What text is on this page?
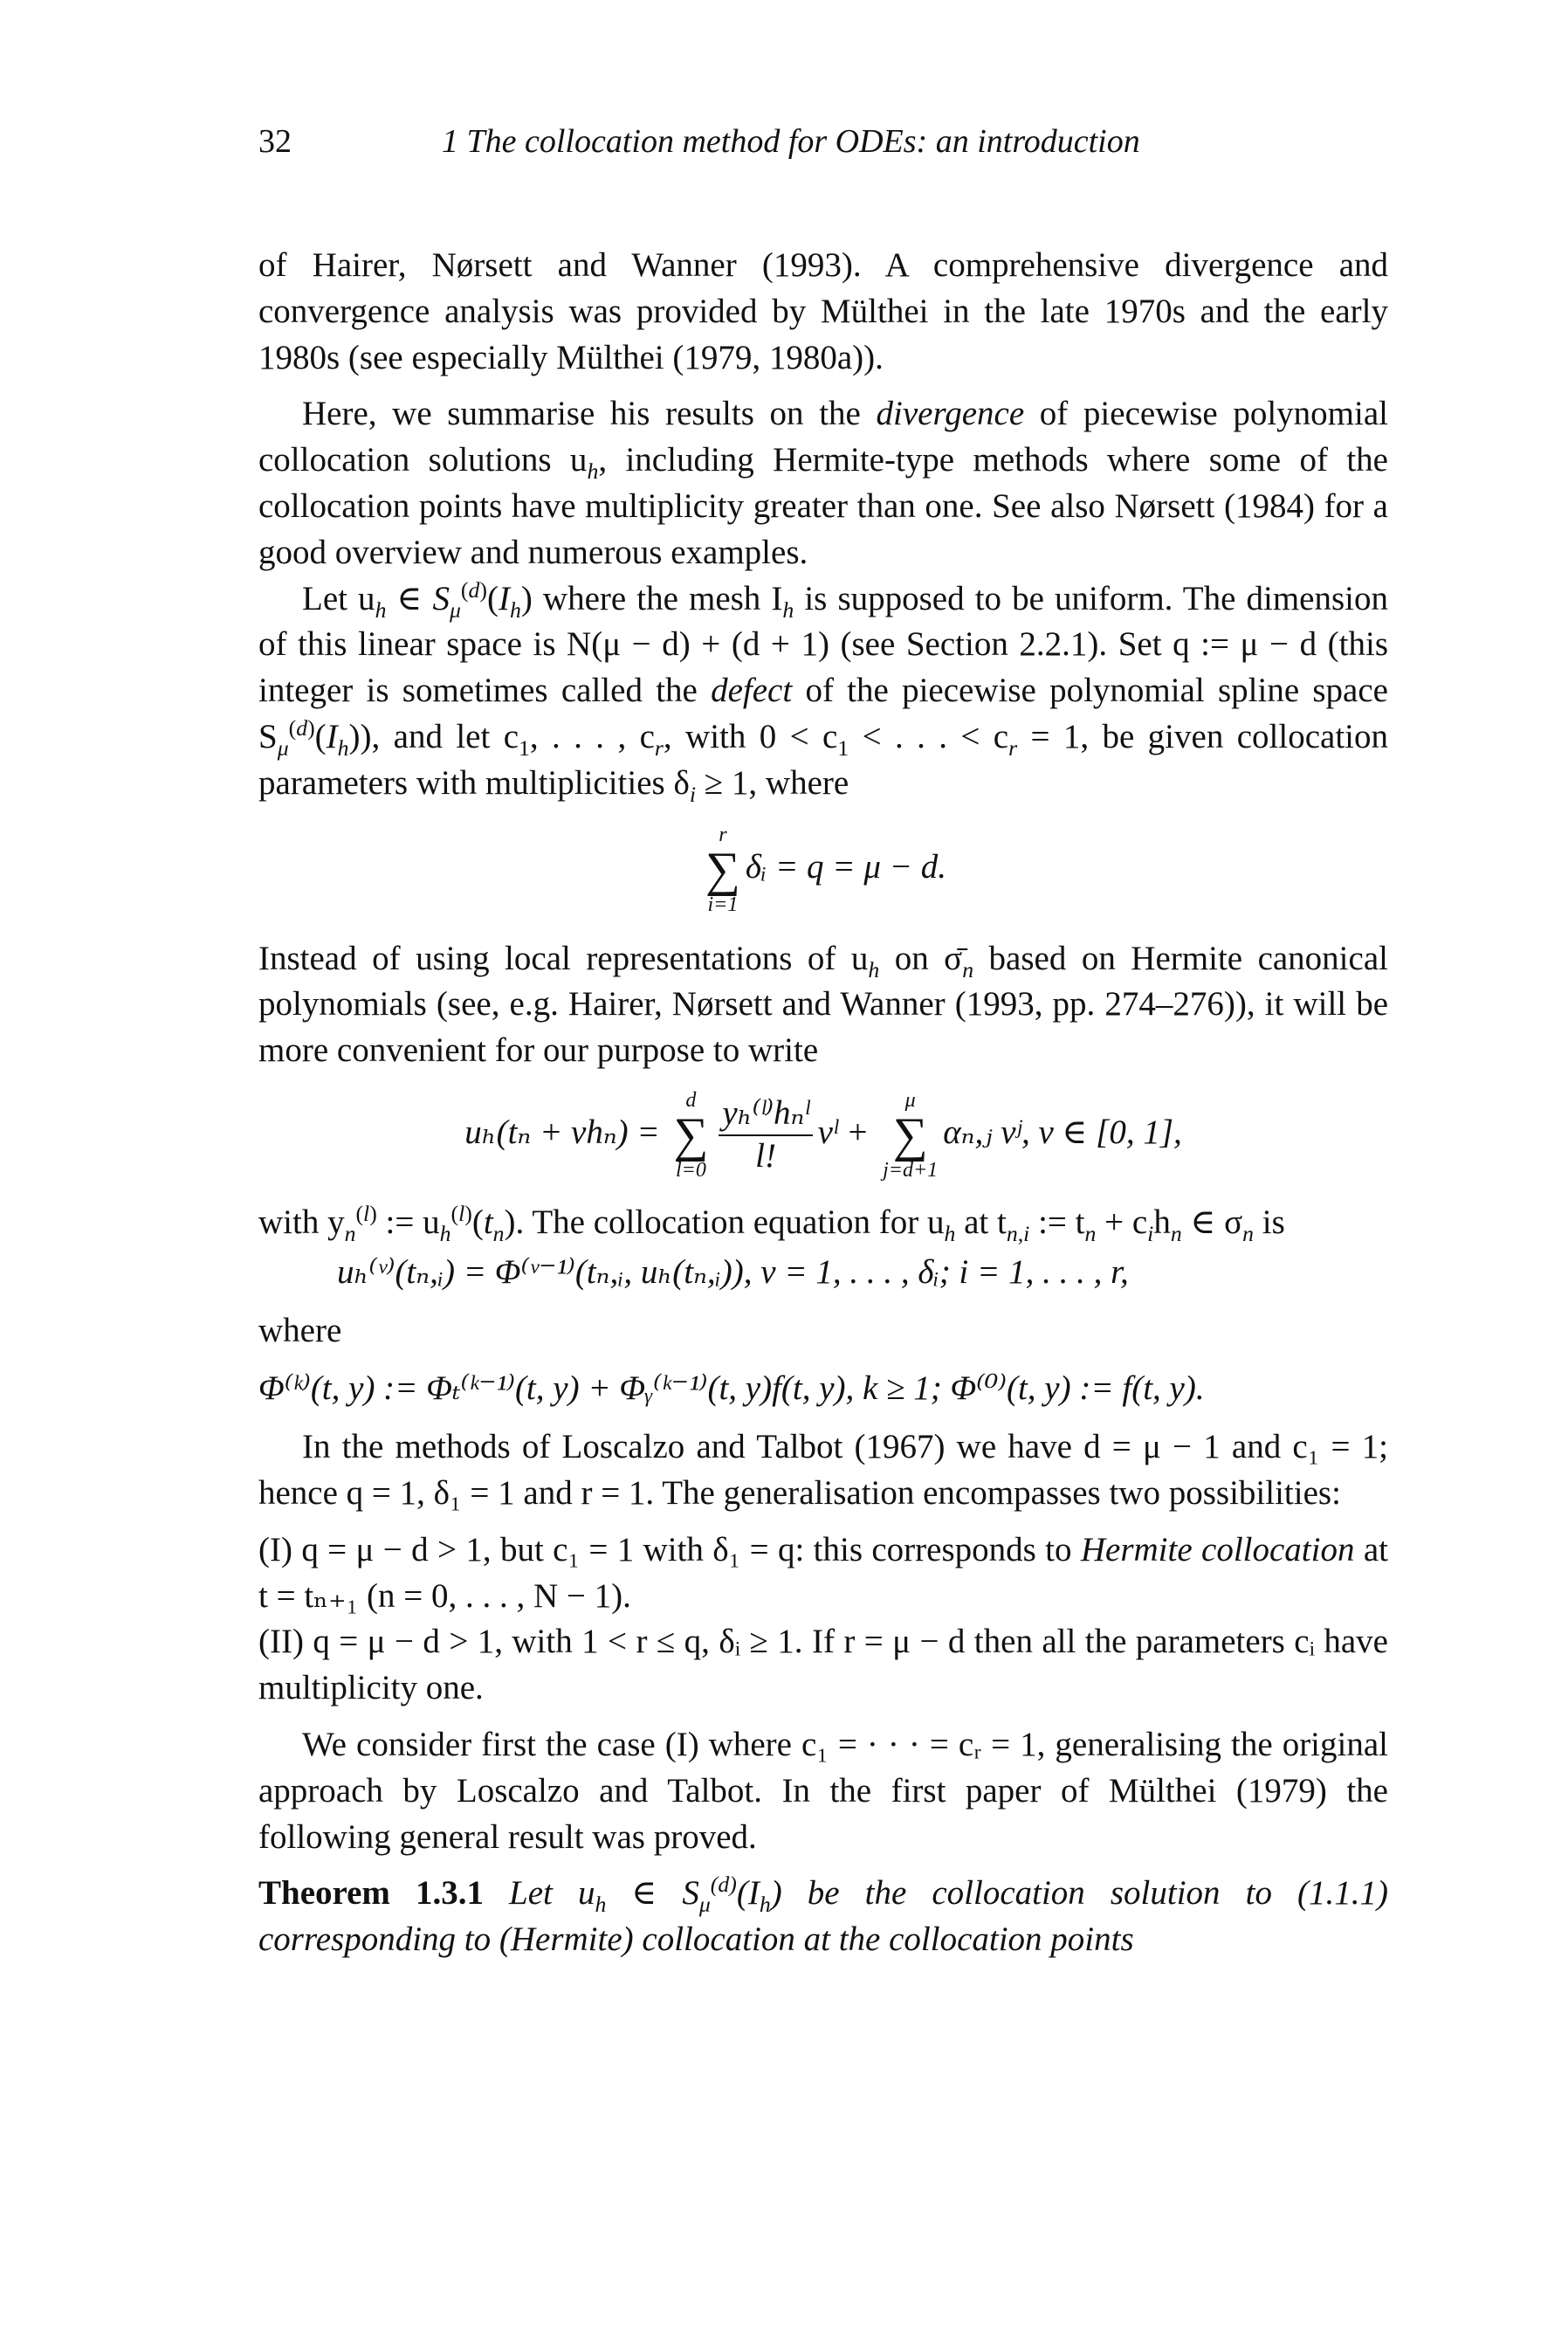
32	1 The collocation method for ODEs: an introduction

of Hairer, Nørsett and Wanner (1993). A comprehensive divergence and convergence analysis was provided by Mülthei in the late 1970s and the early 1980s (see especially Mülthei (1979, 1980a)).

Here, we summarise his results on the divergence of piecewise polynomial collocation solutions $u_h$, including Hermite-type methods where some of the collocation points have multiplicity greater than one. See also Nørsett (1984) for a good overview and numerous examples.

Let $u_h$ ∈ $S_\mu^{(d)}(I_h)$ where the mesh $I_h$ is supposed to be uniform. The dimension of this linear space is N(μ − d) + (d + 1) (see Section 2.2.1). Set q := μ − d (this integer is sometimes called the defect of the piecewise polynomial spline space $S_\mu^{(d)}(I_h)$), and let $c_1$, . . . , $c_r$, with $0 < c_1$ < . . . < $c_r = 1$, be given collocation parameters with multiplicities $\delta_i \ge 1$, where

r
∑
i=1
δᵢ = q = μ − d.

Instead of using local representations of $u_h$ on $\sigmā_n$ based on Hermite canonical polynomials (see, e.g. Hairer, Nørsett and Wanner (1993, pp. 274–276)), it will be more convenient for our purpose to write

uₕ(tₙ + vhₙ) =
d
∑
$l=0 \frac{\text{yₕ⁽ˡ⁾hₙˡ}}{l!}$ vˡ +
μ
∑
j=d+1
αₙ,ⱼ vʲ, v ∈ [0, 1],

with $y_n^{(l)}$ := $u_h^{(l)}(t_n)$. The collocation equation for $u_h$ at $t_{n,i}$ := $t_n + c_ih_n$ ∈ $\sigma_n$ is

uₕ⁽ᵛ⁾(tₙ,ᵢ) = Φ⁽ᵛ⁻¹⁾(tₙ,ᵢ, uₕ(tₙ,ᵢ)), v = 1, . . . , δᵢ; i = 1, . . . , r,

where

Φ⁽ᵏ⁾(t, y) := Φₜ⁽ᵏ⁻¹⁾(t, y) + Φᵧ⁽ᵏ⁻¹⁾(t, y)f(t, y), k ≥ 1; Φ⁽⁰⁾(t, y) := f(t, y).

In the methods of Loscalzo and Talbot (1967) we have d = μ − 1 and c₁ = 1; hence q = 1, δ₁ = 1 and r = 1. The generalisation encompasses two possibilities:

(I) q = μ − d > 1, but c₁ = 1 with δ₁ = q: this corresponds to Hermite collocation at t = tₙ₊₁ (n = 0, . . . , N − 1).

(II) q = μ − d > 1, with 1 < r ≤ q, δᵢ ≥ 1. If r = μ − d then all the parameters cᵢ have multiplicity one.

We consider first the case (I) where c₁ = · · · = cᵣ = 1, generalising the original approach by Loscalzo and Talbot. In the first paper of Mülthei (1979) the following general result was proved.

Theorem 1.3.1 Let $u_h$ ∈ $S_\mu^{(d)}(I_h)$ be the collocation solution to (1.1.1) corresponding to (Hermite) collocation at the collocation points
